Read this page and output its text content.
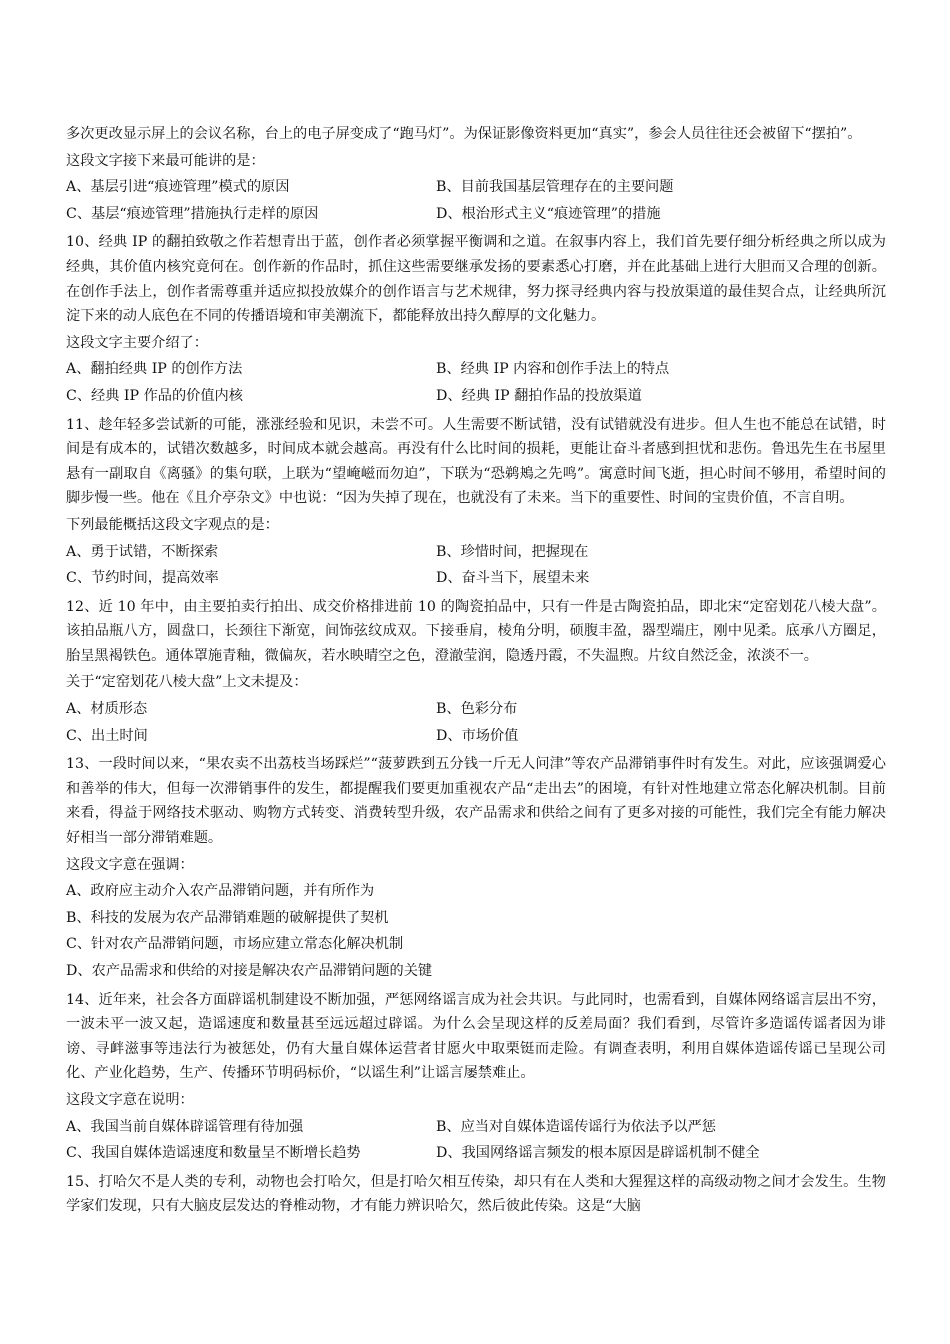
多次更改显示屏上的会议名称，台上的电子屏变成了“跑马灯”。为保证影像资料更加“真实”，参会人员往往还会被留下“摆拍”。

这段文字接下来最可能讲的是：

A、基层引进“痕迹管理”模式的原因	B、目前我国基层管理存在的主要问题
C、基层“痕迹管理”措施执行走样的原因	D、根治形式主义“痕迹管理”的措施

10、经典 IP 的翻拍致敬之作若想青出于蓝，创作者必须掌握平衡调和之道。在叙事内容上，我们首先要仔细分析经典之所以成为经典，其价值内核究竟何在。创作新的作品时，抓住这些需要继承发扬的要素悉心打磨，并在此基础上进行大胆而又合理的创新。在创作手法上，创作者需尊重并适应拟投放媒介的创作语言与艺术规律，努力探寻经典内容与投放渠道的最佳契合点，让经典所沉淀下来的动人底色在不同的传播语境和审美潮流下，都能释放出持久醇厚的文化魅力。

这段文字主要介绍了：

A、翻拍经典 IP 的创作方法	B、经典 IP 内容和创作手法上的特点
C、经典 IP 作品的价值内核	D、经典 IP 翻拍作品的投放渠道

11、趁年轻多尝试新的可能，涨涨经验和见识，未尝不可。人生需要不断试错，没有试错就没有进步。但人生也不能总在试错，时间是有成本的，试错次数越多，时间成本就会越高。再没有什么比时间的损耗，更能让奋斗者感到担忧和悲伤。鲁迅先生在书屋里悬有一副取自《离骚》的集句联，上联为“望崦嵫而勿迫”，下联为“恐鹈鴂之先鸣”。寓意时间飞逝，担心时间不够用，希望时间的脚步慢一些。他在《且介亭杂文》中也说：“因为失掉了现在，也就没有了未来。当下的重要性、时间的宝贵价值，不言自明。

下列最能概括这段文字观点的是：

A、勇于试错，不断探索	B、珍惜时间，把握现在
C、节约时间，提高效率	D、奋斗当下，展望未来

12、近 10 年中，由主要拍卖行拍出、成交价格排进前 10 的陶瓷拍品中，只有一件是古陶瓷拍品，即北宋“定窑划花八棱大盘”。该拍品瓶八方，圆盘口，长颈往下渐宽，间饰弦纹成双。下接垂肩，棱角分明，硕腹丰盈，器型端庄，刚中见柔。底承八方圈足，胎呈黑褐铁色。通体罩施青釉，微偏灰，若水映晴空之色，澄澈莹润，隐透丹霞，不失温煦。片纹自然泛金，浓淡不一。

关于“定窑划花八棱大盘”上文未提及：

A、材质形态	B、色彩分布
C、出土时间	D、市场价值

13、一段时间以来，“果农卖不出荔枝当场踩烂”“菠萝跌到五分钱一斤无人问津”等农产品滞销事件时有发生。对此，应该强调爱心和善举的伟大，但每一次滞销事件的发生，都提醒我们要更加重视农产品“走出去”的困境，有针对性地建立常态化解决机制。目前来看，得益于网络技术驱动、购物方式转变、消费转型升级，农产品需求和供给之间有了更多对接的可能性，我们完全有能力解决好相当一部分滞销难题。

这段文字意在强调：

A、政府应主动介入农产品滞销问题，并有所作为
B、科技的发展为农产品滞销难题的破解提供了契机
C、针对农产品滞销问题，市场应建立常态化解决机制
D、农产品需求和供给的对接是解决农产品滞销问题的关键

14、近年来，社会各方面辟谣机制建设不断加强，严惩网络谣言成为社会共识。与此同时，也需看到，自媒体网络谣言层出不穷，一波未平一波又起，造谣速度和数量甚至远远超过辟谣。为什么会呈现这样的反差局面？我们看到，尽管许多造谣传谣者因为诽谤、寻衅滋事等违法行为被惩处，仍有大量自媒体运营者甘愿火中取栗铤而走险。有调查表明，利用自媒体造谣传谣已呈现公司化、产业化趋势，生产、传播环节明码标价，“以谣生利”让谣言屡禁难止。

这段文字意在说明：

A、我国当前自媒体辟谣管理有待加强	B、应当对自媒体造谣传谣行为依法予以严惩
C、我国自媒体造谣速度和数量呈不断增长趋势	D、我国网络谣言频发的根本原因是辟谣机制不健全

15、打哈欠不是人类的专利，动物也会打哈欠，但是打哈欠相互传染，却只有在人类和大猩猩这样的高级动物之间才会发生。生物学家们发现，只有大脑皮层发达的脊椎动物，才有能力辨识哈欠，然后彼此传染。这是“大脑
